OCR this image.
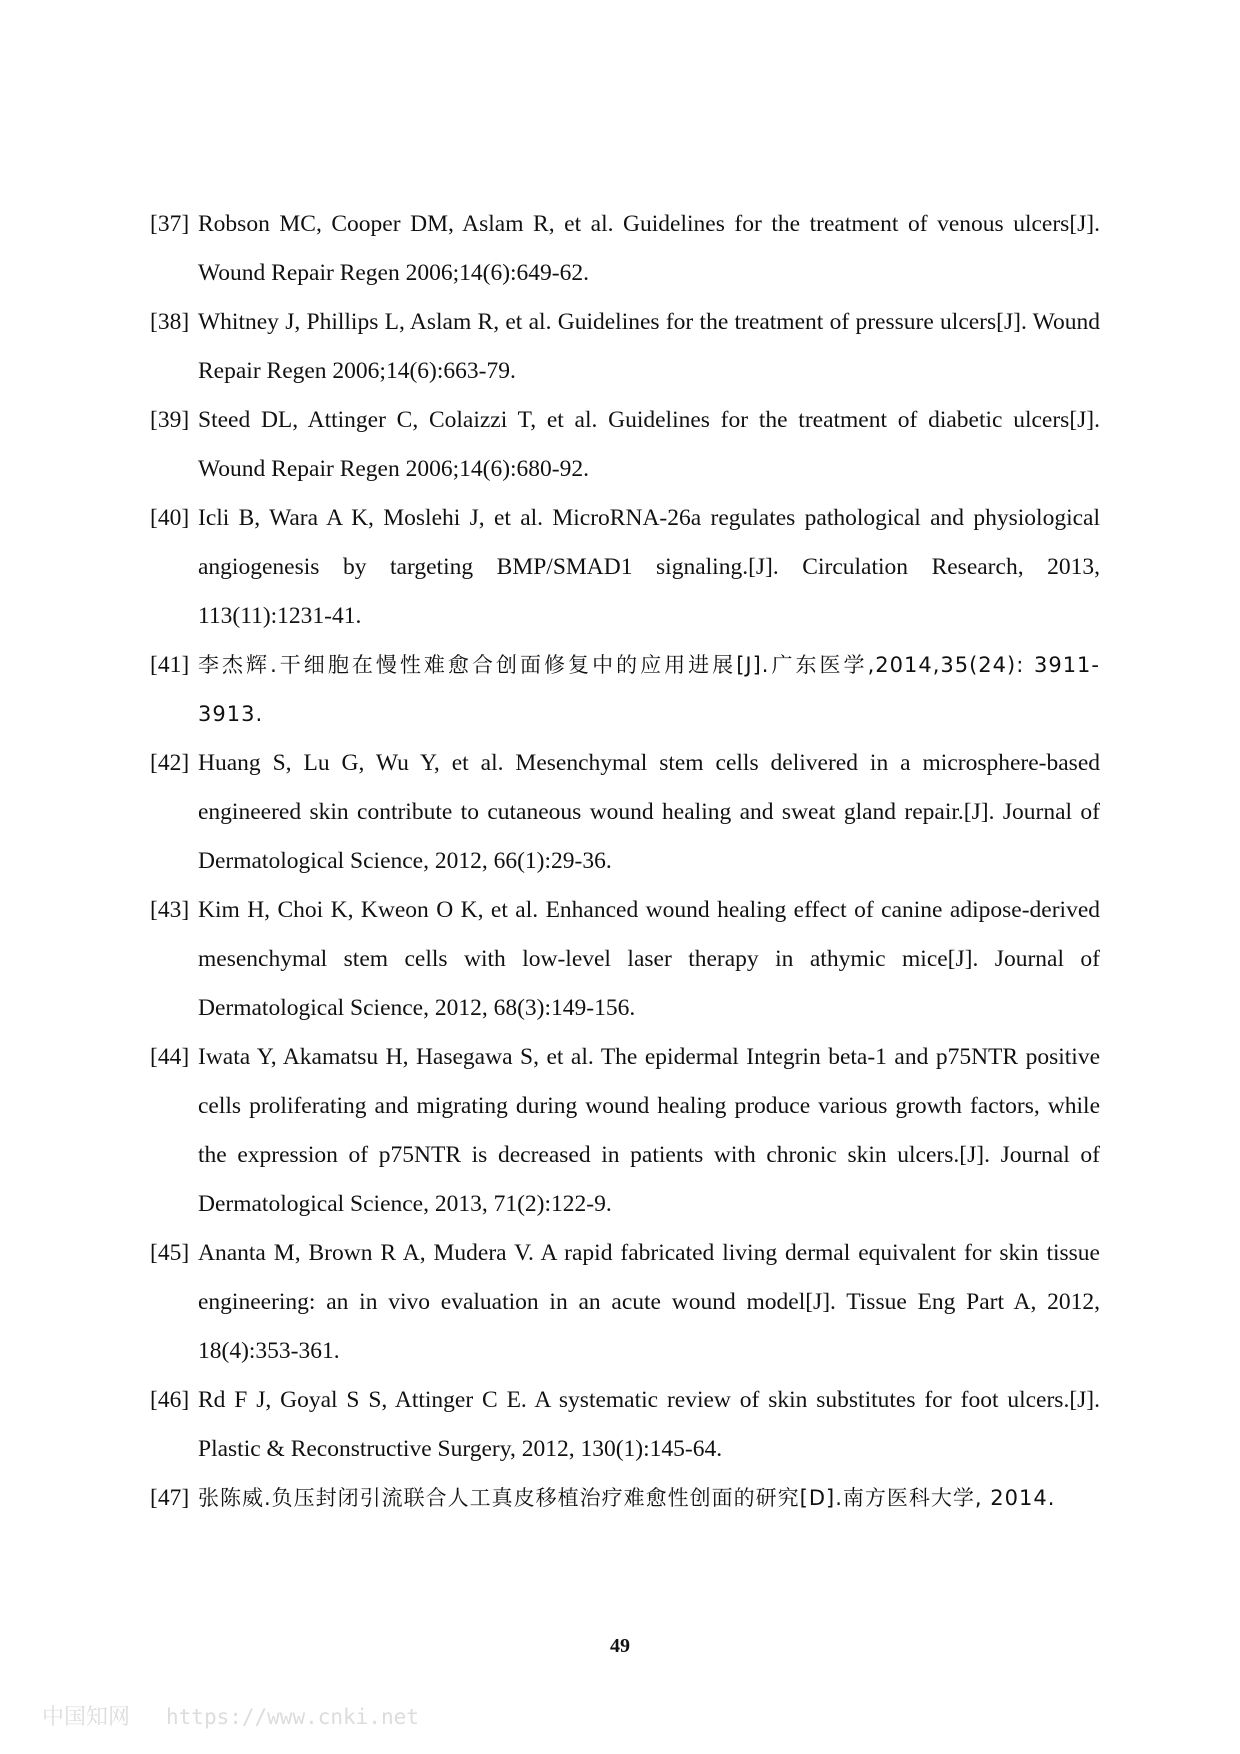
[37] Robson MC, Cooper DM, Aslam R, et al. Guidelines for the treatment of venous ulcers[J]. Wound Repair Regen 2006;14(6):649-62.
[38] Whitney J, Phillips L, Aslam R, et al. Guidelines for the treatment of pressure ulcers[J]. Wound Repair Regen 2006;14(6):663-79.
[39] Steed DL, Attinger C, Colaizzi T, et al. Guidelines for the treatment of diabetic ulcers[J]. Wound Repair Regen 2006;14(6):680-92.
[40] Icli B, Wara A K, Moslehi J, et al. MicroRNA-26a regulates pathological and physiological angiogenesis by targeting BMP/SMAD1 signaling.[J]. Circulation Research, 2013, 113(11):1231-41.
[41] 李杰辉.干细胞在慢性难愈合创面修复中的应用进展[J].广东医学,2014,35(24): 3911-3913.
[42] Huang S, Lu G, Wu Y, et al. Mesenchymal stem cells delivered in a microsphere-based engineered skin contribute to cutaneous wound healing and sweat gland repair.[J]. Journal of Dermatological Science, 2012, 66(1):29-36.
[43] Kim H, Choi K, Kweon O K, et al. Enhanced wound healing effect of canine adipose-derived mesenchymal stem cells with low-level laser therapy in athymic mice[J]. Journal of Dermatological Science, 2012, 68(3):149-156.
[44] Iwata Y, Akamatsu H, Hasegawa S, et al. The epidermal Integrin beta-1 and p75NTR positive cells proliferating and migrating during wound healing produce various growth factors, while the expression of p75NTR is decreased in patients with chronic skin ulcers.[J]. Journal of Dermatological Science, 2013, 71(2):122-9.
[45] Ananta M, Brown R A, Mudera V. A rapid fabricated living dermal equivalent for skin tissue engineering: an in vivo evaluation in an acute wound model[J]. Tissue Eng Part A, 2012, 18(4):353-361.
[46] Rd F J, Goyal S S, Attinger C E. A systematic review of skin substitutes for foot ulcers.[J]. Plastic & Reconstructive Surgery, 2012, 130(1):145-64.
[47] 张陈威.负压封闭引流联合人工真皮移植治疗难愈性创面的研究[D].南方医科大学, 2014.
49
中国知网 https://www.cnki.net
